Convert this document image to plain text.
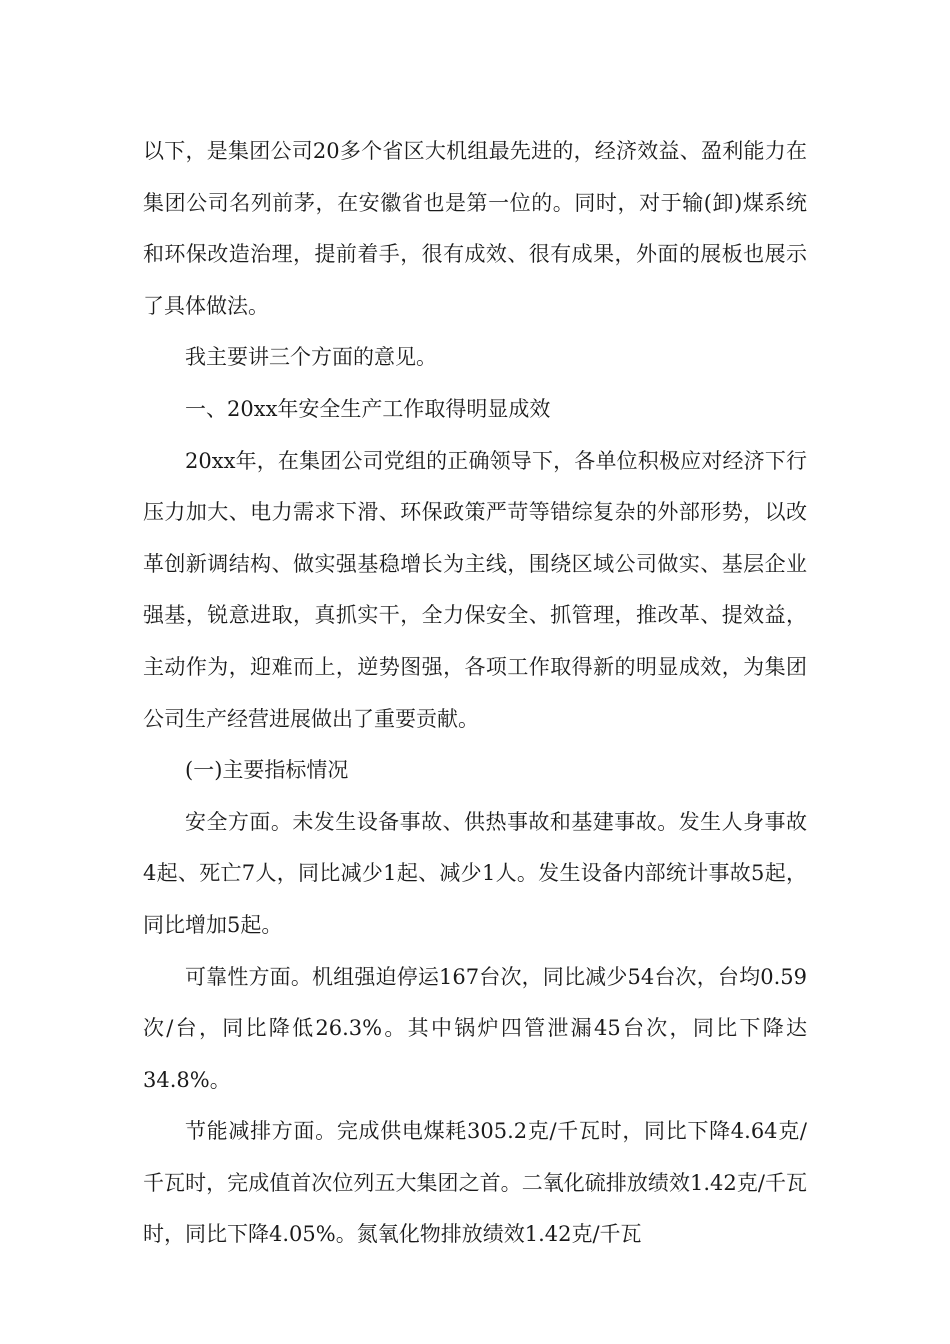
以下，是集团公司20多个省区大机组最先进的，经济效益、盈利能力在集团公司名列前茅，在安徽省也是第一位的。同时，对于输(卸)煤系统和环保改造治理，提前着手，很有成效、很有成果，外面的展板也展示了具体做法。

我主要讲三个方面的意见。

一、20xx年安全生产工作取得明显成效

20xx年，在集团公司党组的正确领导下，各单位积极应对经济下行压力加大、电力需求下滑、环保政策严苛等错综复杂的外部形势，以改革创新调结构、做实强基稳增长为主线，围绕区域公司做实、基层企业强基，锐意进取，真抓实干，全力保安全、抓管理，推改革、提效益，主动作为，迎难而上，逆势图强，各项工作取得新的明显成效，为集团公司生产经营进展做出了重要贡献。

(一)主要指标情况

安全方面。未发生设备事故、供热事故和基建事故。发生人身事故4起、死亡7人，同比减少1起、减少1人。发生设备内部统计事故5起，同比增加5起。

可靠性方面。机组强迫停运167台次，同比减少54台次，台均0.59次/台，同比降低26.3%。其中锅炉四管泄漏45台次，同比下降达34.8%。

节能减排方面。完成供电煤耗305.2克/千瓦时，同比下降4.64克/千瓦时，完成值首次位列五大集团之首。二氧化硫排放绩效1.42克/千瓦时，同比下降4.05%。氮氧化物排放绩效1.42克/千瓦
